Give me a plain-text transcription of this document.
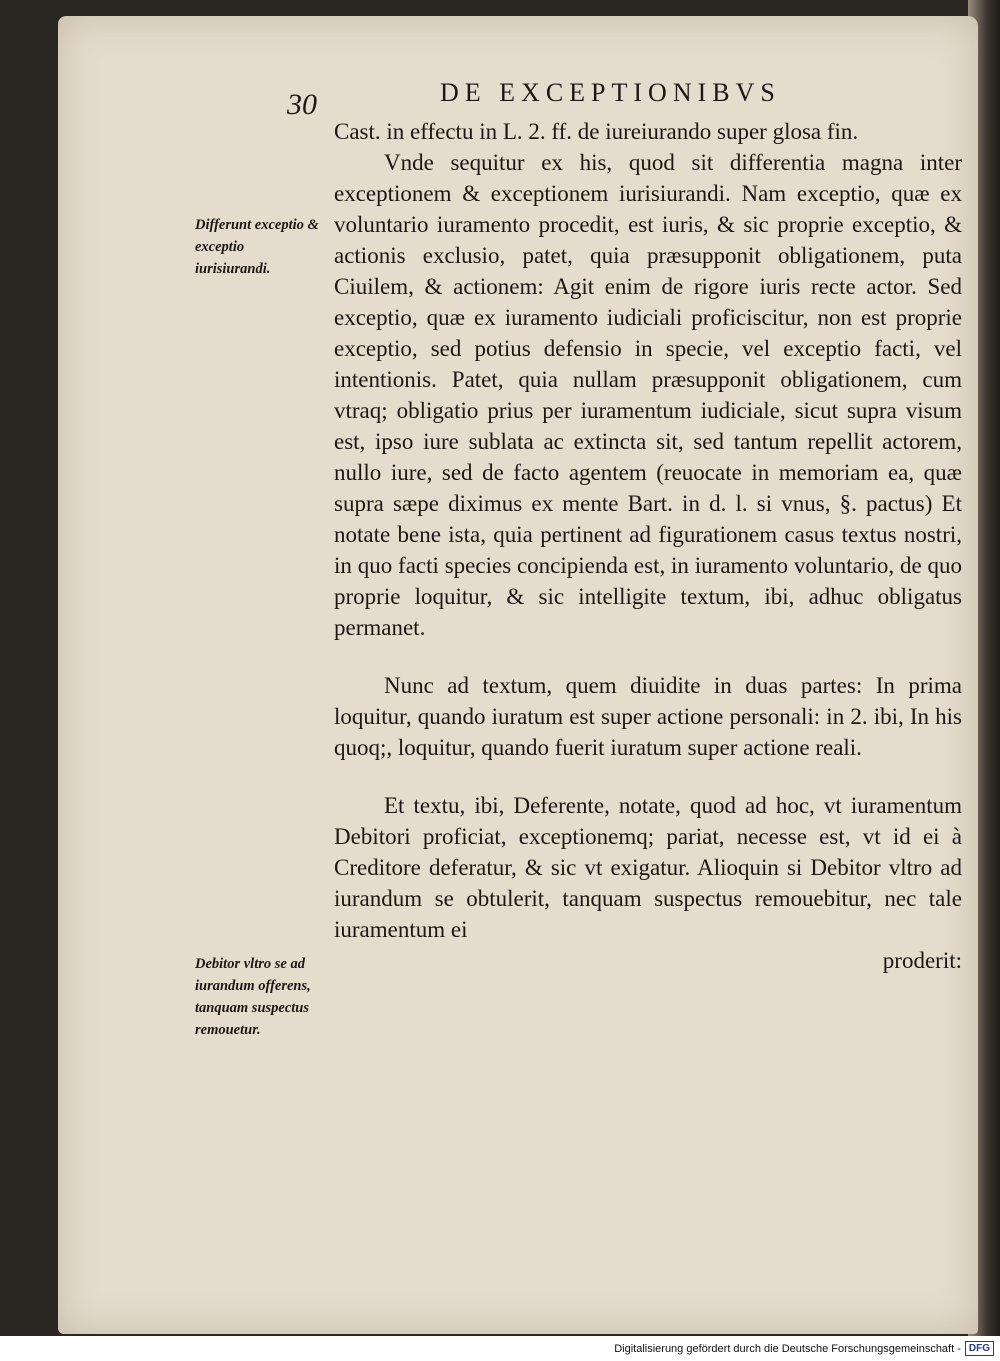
30	DE EXCEPTIONIBVS
Differunt exceptio & exceptio iurisiurandi.
Debitor vltro se ad iurandum offerens, tanquam suspectus remouetur.

Cast. in effectu in L. 2. ff. de iureiurando super glosa fin.

Vnde sequitur ex his, quod sit differentia magna inter exceptionem & exceptionem iurisiurandi. Nam exceptio, quæ ex voluntario iuramento procedit, est iuris, & sic proprie exceptio, & actionis exclusio, patet, quia præsupponit obligationem, puta Ciuilem, & actionem: Agit enim de rigore iuris recte actor. Sed exceptio, quæ ex iuramento iudiciali proficiscitur, non est proprie exceptio, sed potius defensio in specie, vel exceptio facti, vel intentionis. Patet, quia nullam præsupponit obligationem, cum vtraq; obligatio prius per iuramentum iudiciale, sicut supra visum est, ipso iure sublata ac extincta sit, sed tantum repellit actorem, nullo iure, sed de facto agentem (reuocate in memoriam ea, quæ supra sæpe diximus ex mente Bart. in d. l. si vnus, §. pactus) Et notate bene ista, quia pertinent ad figurationem casus textus nostri, in quo facti species concipienda est, in iuramento voluntario, de quo proprie loquitur, & sic intelligite textum, ibi, adhuc obligatus permanet.

Nunc ad textum, quem diuidite in duas partes: In prima loquitur, quando iuratum est super actione personali: in 2. ibi, In his quoq;, loquitur, quando fuerit iuratum super actione reali.

Et textu, ibi, Deferente, notate, quod ad hoc, vt iuramentum Debitori proficiat, exceptionemq; pariat, necesse est, vt id ei à Creditore deferatur, & sic vt exigatur. Alioquin si Debitor vltro ad iurandum se obtulerit, tanquam suspectus remouebitur, nec tale iuramentum ei

proderit:

Digitalisierung gefördert durch die Deutsche Forschungsgemeinschaft - DFG
